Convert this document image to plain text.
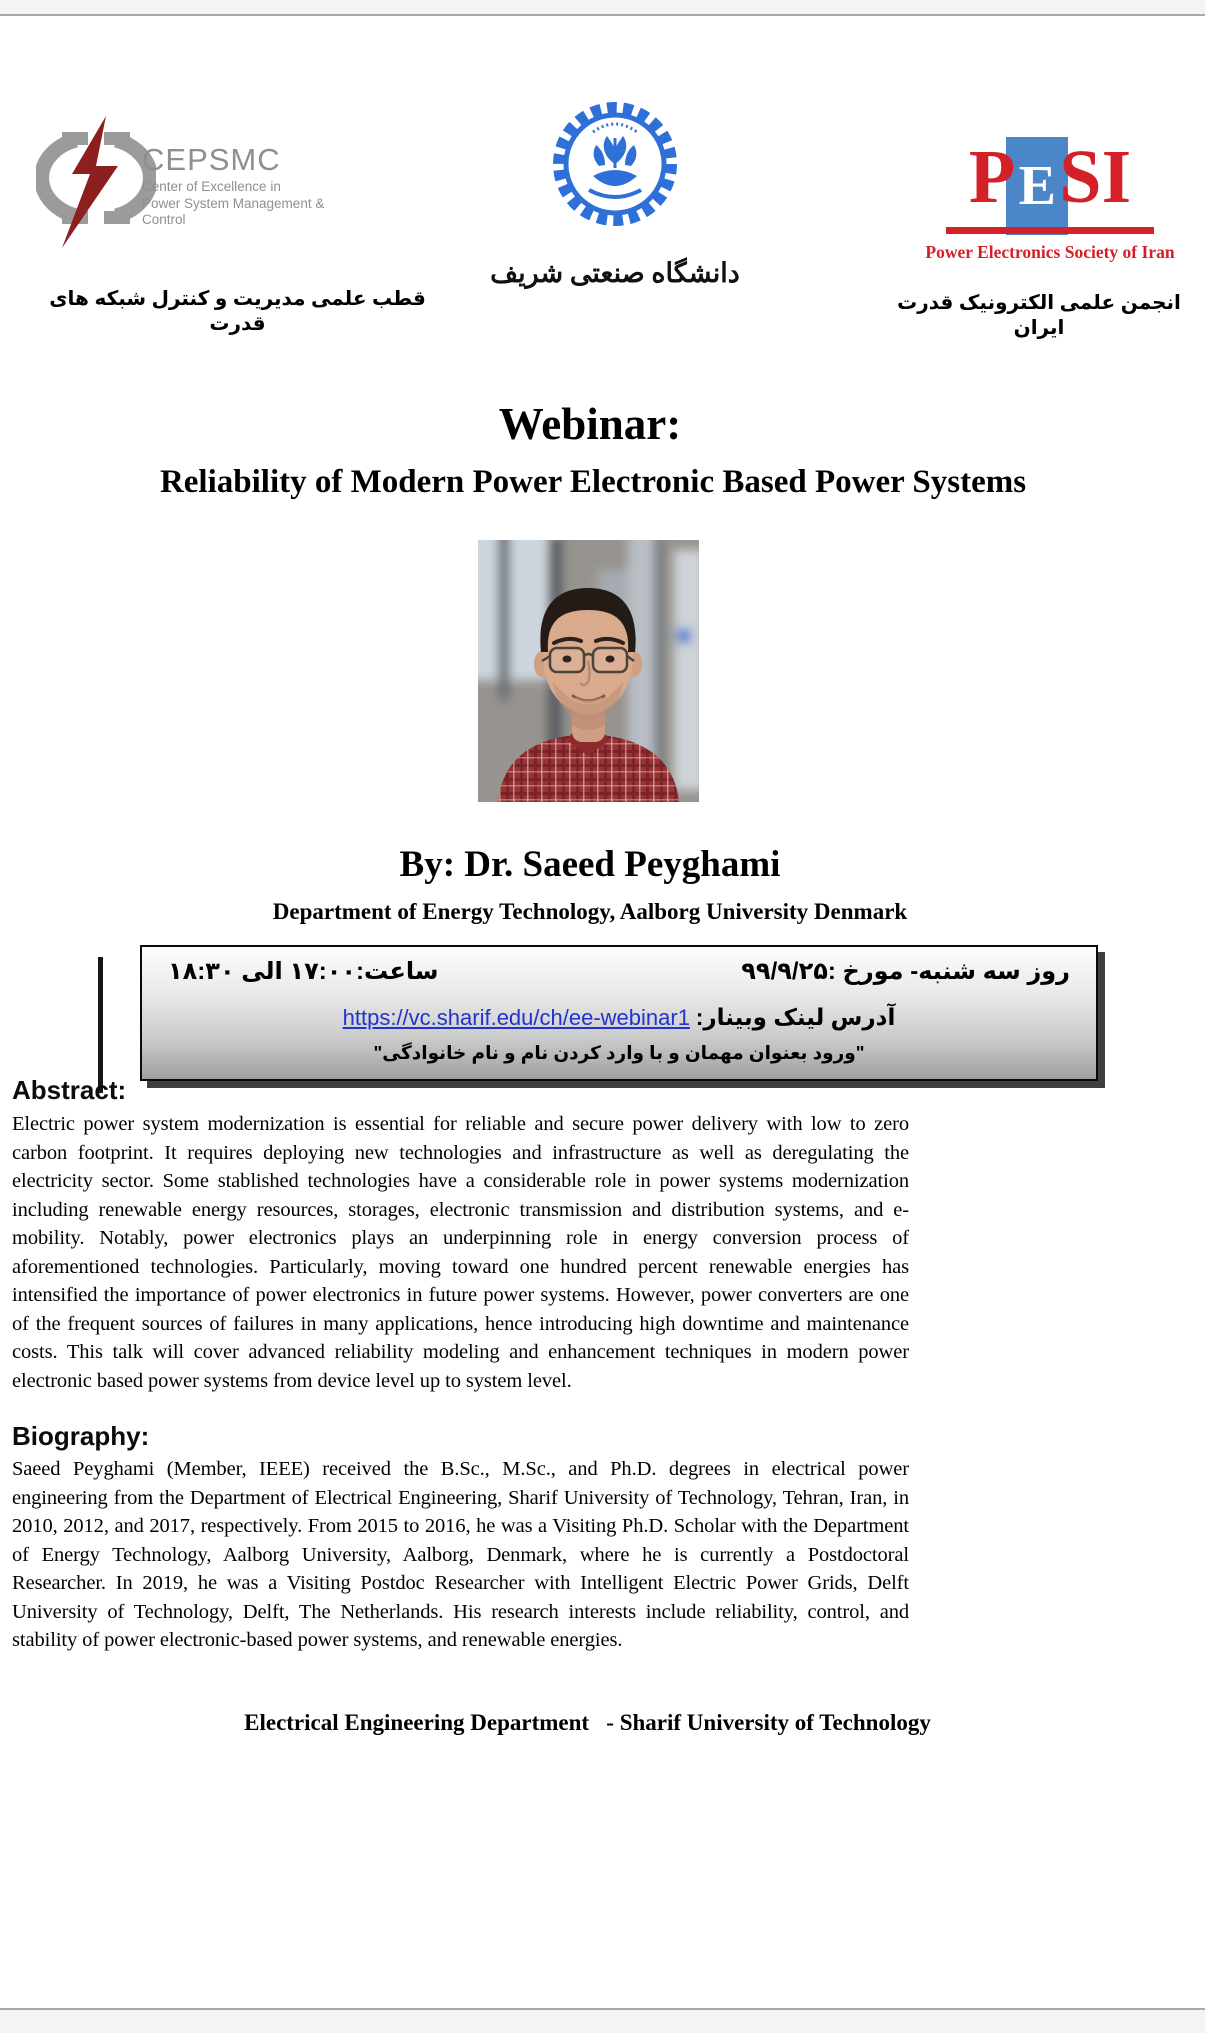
CEPSMC
Center of Excellence in
Power System Management & Control
دانشگاه صنعتی شریف
P E S I
Power Electronics Society of Iran
قطب علمی مدیریت و کنترل شبکه های قدرت
انجمن علمی الکترونیک قدرت ایران
Webinar:
Reliability of Modern Power Electronic Based Power Systems
By: Dr. Saeed Peyghami
Department of Energy Technology, Aalborg University Denmark
روز سه شنبه- مورخ :۹۹/۹/۲۵
ساعت:۱۷:۰۰ الی ۱۸:۳۰
آدرس لینک وبینار: https://vc.sharif.edu/ch/ee-webinar1
"ورود بعنوان مهمان و با وارد کردن نام و نام خانوادگی"
Abstract:
Electric power system modernization is essential for reliable and secure power delivery with low to zero carbon footprint. It requires deploying new technologies and infrastructure as well as deregulating the electricity sector. Some stablished technologies have a considerable role in power systems modernization including renewable energy resources, storages, electronic transmission and distribution systems, and e-mobility. Notably, power electronics plays an underpinning role in energy conversion process of aforementioned technologies. Particularly, moving toward one hundred percent renewable energies has intensified the importance of power electronics in future power systems. However, power converters are one of the frequent sources of failures in many applications, hence introducing high downtime and maintenance costs. This talk will cover advanced reliability modeling and enhancement techniques in modern power electronic based power systems from device level up to system level.
Biography:
Saeed Peyghami (Member, IEEE) received the B.Sc., M.Sc., and Ph.D. degrees in electrical power engineering from the Department of Electrical Engineering, Sharif University of Technology, Tehran, Iran, in 2010, 2012, and 2017, respectively. From 2015 to 2016, he was a Visiting Ph.D. Scholar with the Department of Energy Technology, Aalborg University, Aalborg, Denmark, where he is currently a Postdoctoral Researcher. In 2019, he was a Visiting Postdoc Researcher with Intelligent Electric Power Grids, Delft University of Technology, Delft, The Netherlands. His research interests include reliability, control, and stability of power electronic-based power systems, and renewable energies.
Electrical Engineering Department   - Sharif University of Technology
